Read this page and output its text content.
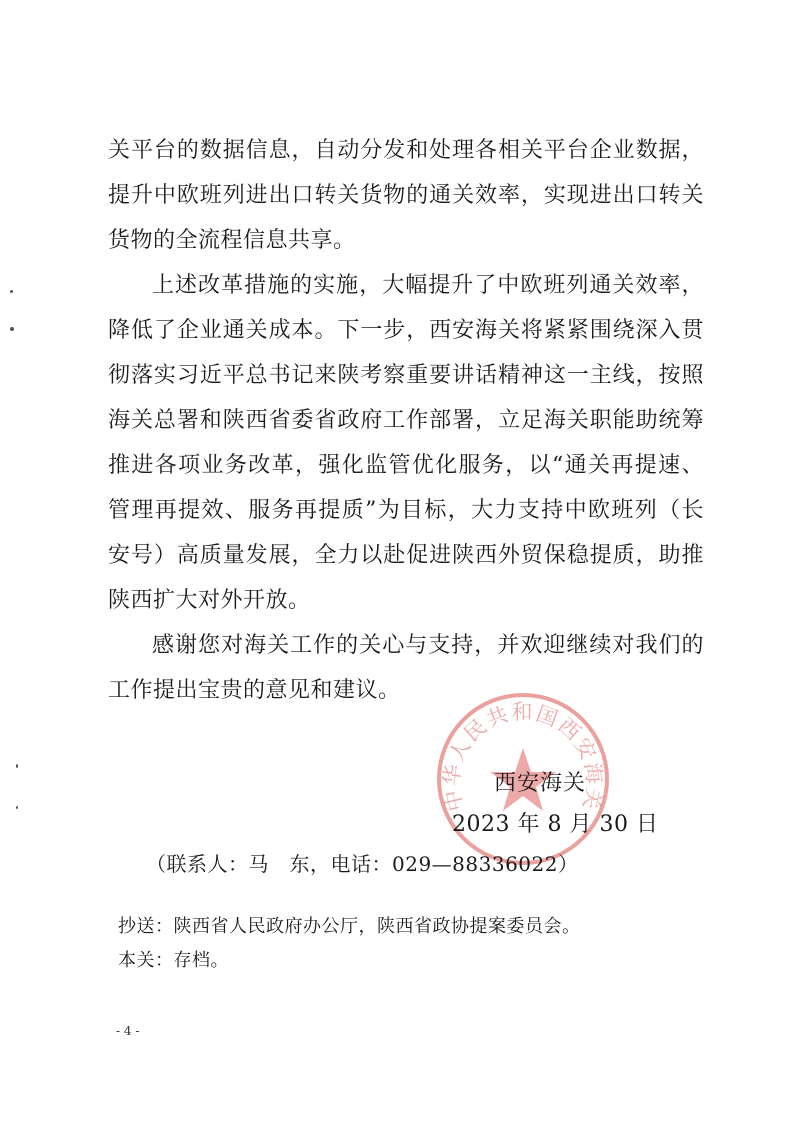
关平台的数据信息，自动分发和处理各相关平台企业数据，提升中欧班列进出口转关货物的通关效率，实现进出口转关货物的全流程信息共享。

上述改革措施的实施，大幅提升了中欧班列通关效率，降低了企业通关成本。下一步，西安海关将紧紧围绕深入贯彻落实习近平总书记来陕考察重要讲话精神这一主线，按照海关总署和陕西省委省政府工作部署，立足海关职能助统筹推进各项业务改革，强化监管优化服务，以“通关再提速、管理再提效、服务再提质”为目标，大力支持中欧班列（长安号）高质量发展，全力以赴促进陕西外贸保稳提质，助推陕西扩大对外开放。

感谢您对海关工作的关心与支持，并欢迎继续对我们的工作提出宝贵的意见和建议。

中华人民共和国西安海关

西安海关

2023 年 8 月 30 日

（联系人：马　东，电话：029—88336022）

抄送：陕西省人民政府办公厅，陕西省政协提案委员会。

本关：存档。

- 4 -
